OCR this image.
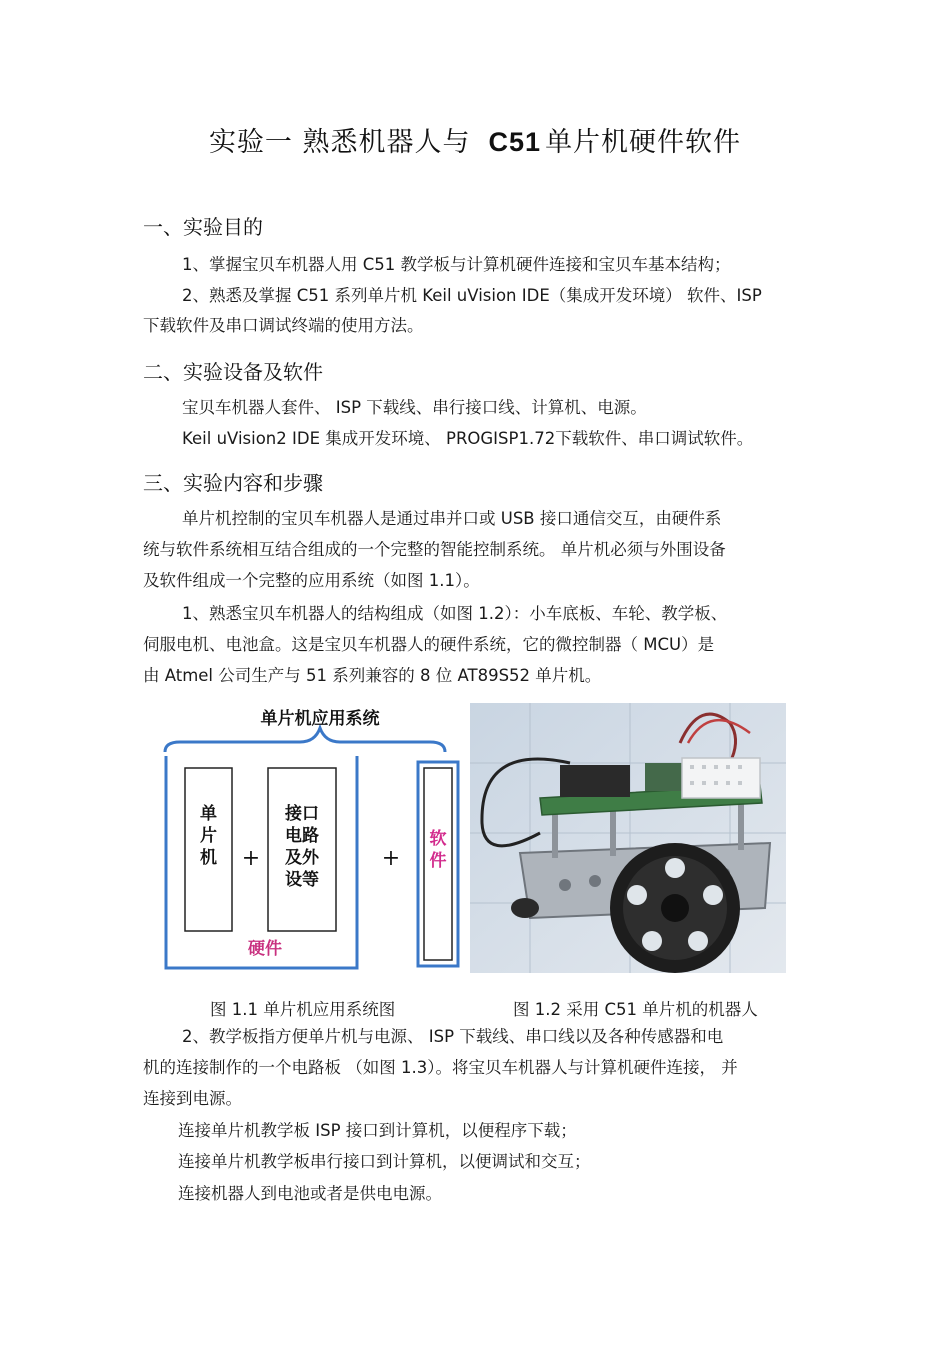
实验一 熟悉机器人与 C51 单片机硬件软件
一、实验目的
1、掌握宝贝车机器人用 C51 教学板与计算机硬件连接和宝贝车基本结构；
2、熟悉及掌握 C51 系列单片机 Keil uVision IDE（集成开发环境） 软件、ISP
下载软件及串口调试终端的使用方法。
二、实验设备及软件
宝贝车机器人套件、 ISP 下载线、串行接口线、计算机、电源。
Keil uVision2 IDE 集成开发环境、 PROGISP1.72下载软件、串口调试软件。
三、实验内容和步骤
单片机控制的宝贝车机器人是通过串并口或 USB 接口通信交互，由硬件系
统与软件系统相互结合组成的一个完整的智能控制系统。 单片机必须与外围设备
及软件组成一个完整的应用系统（如图 1.1）。
1、熟悉宝贝车机器人的结构组成（如图 1.2）：小车底板、车轮、教学板、
伺服电机、电池盒。这是宝贝车机器人的硬件系统，它的微控制器（ MCU）是
由 Atmel 公司生产与 51 系列兼容的 8 位 AT89S52 单片机。
单片机应用系统
单
片
机	+
接口
电路
及外
设等
+
软
件
硬件
图 1.1 单片机应用系统图	图 1.2 采用 C51 单片机的机器人
2、教学板指方便单片机与电源、 ISP 下载线、串口线以及各种传感器和电
机的连接制作的一个电路板 （如图 1.3）。将宝贝车机器人与计算机硬件连接， 并
连接到电源。
连接单片机教学板 ISP 接口到计算机，以便程序下载；
连接单片机教学板串行接口到计算机，以便调试和交互；
连接机器人到电池或者是供电电源。
